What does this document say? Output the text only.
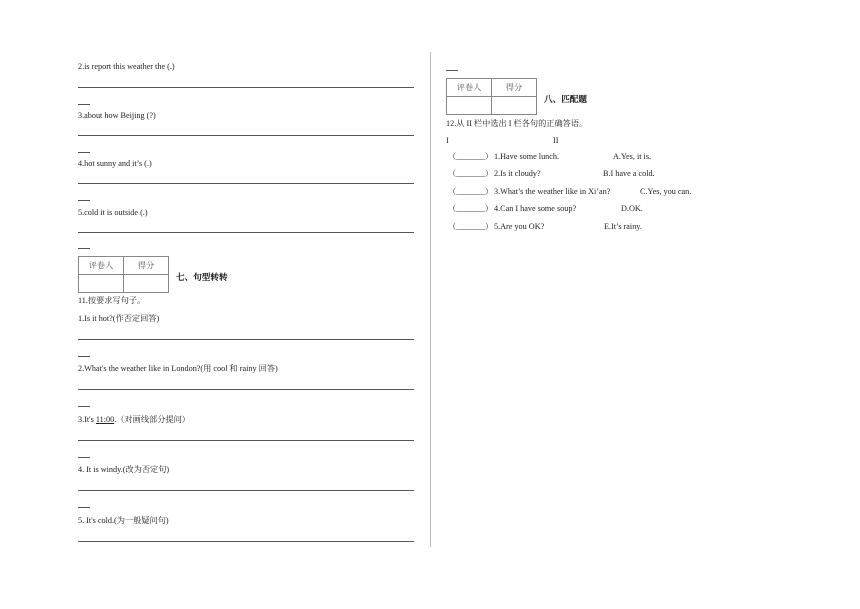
2.is report this weather the (.)
3.about how Beijing (?)
4.hot sunny and it’s (.)
5.cold it is outside (.)
评卷人	得分

七、句型转转
11.按要求写句子。
1.Is it hot?(作否定回答)
2.What's the weather like in London?(用 cool 和 rainy 回答)
3.It's 11:00.（对画线部分提问）
4. It is windy.(改为否定句)
5. It's cold.(为一般疑问句)
评卷人	得分

八、匹配题
12.从 II 栏中选出 I 栏各句的正确答语。
I	II
（_______） 1.Have some lunch.	A.Yes, it is.
（_______） 2.Is it cloudy?	B.I have a cold.
（_______） 3.What’s the weather like in Xi’an?	C.Yes, you can.
（_______） 4.Can I have some soup?	D.OK.
（_______） 5.Are you OK?	E.It’s rainy.
